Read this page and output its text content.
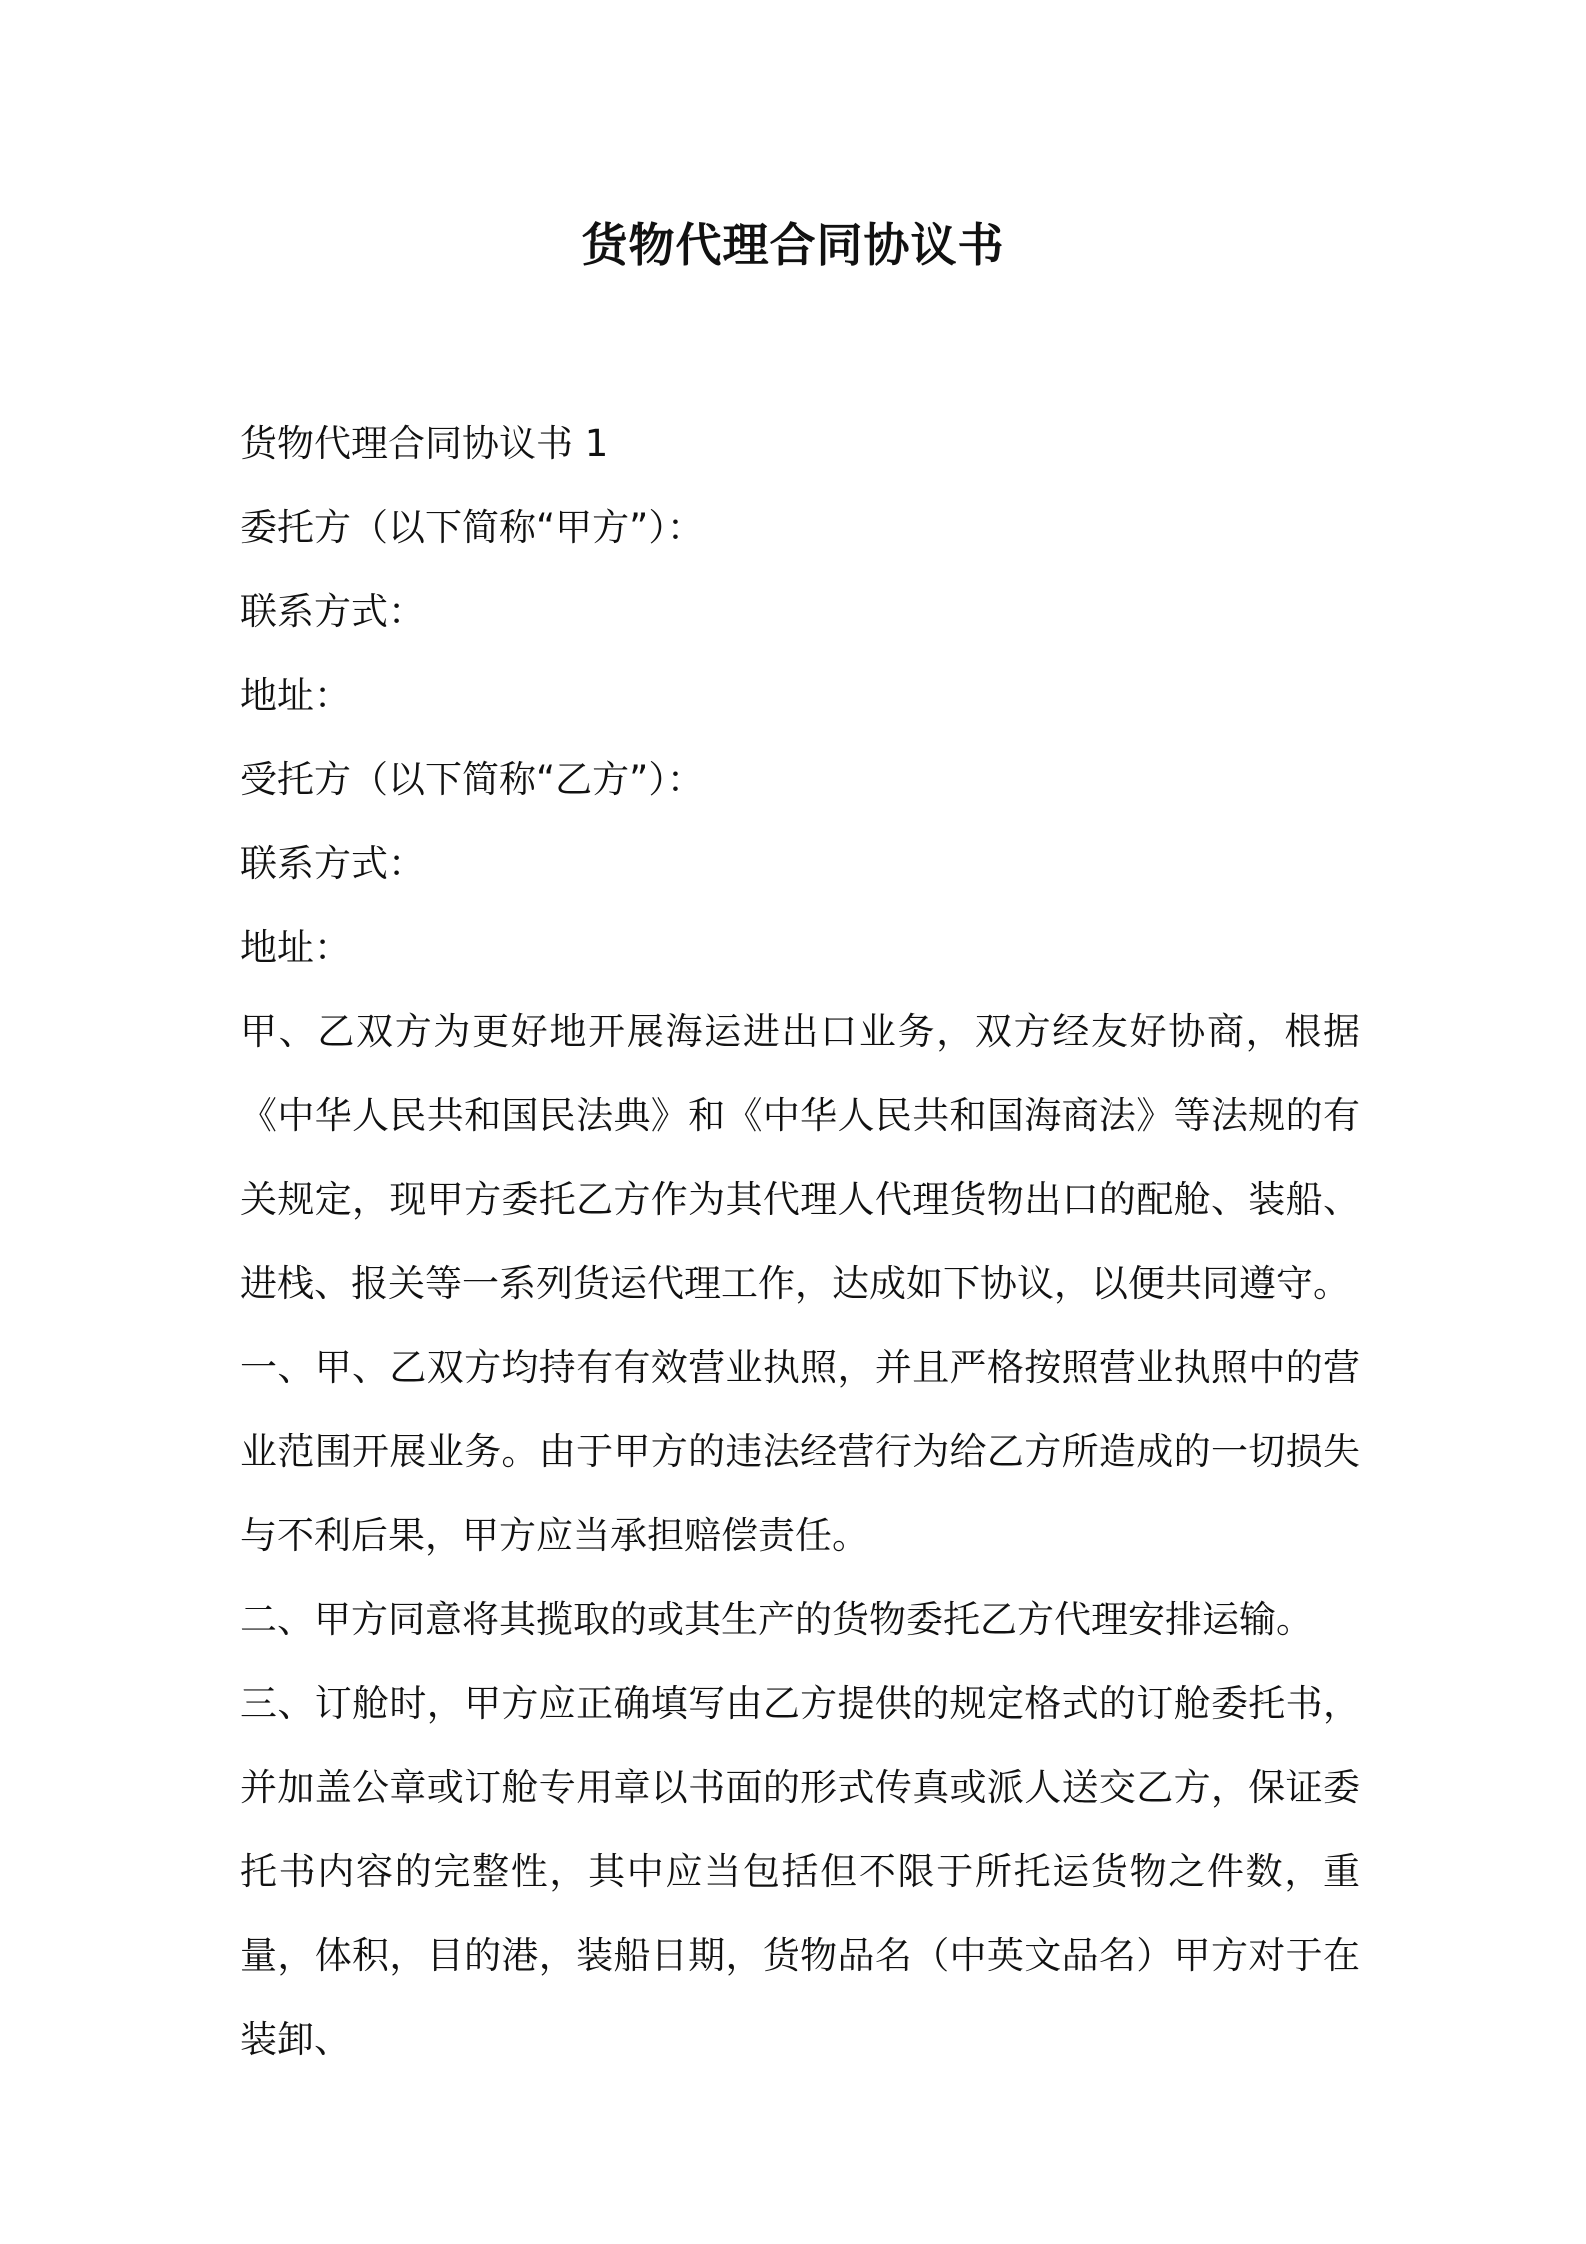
货物代理合同协议书

货物代理合同协议书 1

委托方（以下简称“甲方”）：

联系方式：

地址：

受托方（以下简称“乙方”）：

联系方式：

地址：

甲、乙双方为更好地开展海运进出口业务，双方经友好协商，根据《中华人民共和国民法典》和《中华人民共和国海商法》等法规的有关规定，现甲方委托乙方作为其代理人代理货物出口的配舱、装船、进栈、报关等一系列货运代理工作，达成如下协议，以便共同遵守。

一、甲、乙双方均持有有效营业执照，并且严格按照营业执照中的营业范围开展业务。由于甲方的违法经营行为给乙方所造成的一切损失与不利后果，甲方应当承担赔偿责任。

二、甲方同意将其揽取的或其生产的货物委托乙方代理安排运输。

三、订舱时，甲方应正确填写由乙方提供的规定格式的订舱委托书，并加盖公章或订舱专用章以书面的形式传真或派人送交乙方，保证委托书内容的完整性，其中应当包括但不限于所托运货物之件数，重量，体积，目的港，装船日期，货物品名（中英文品名）甲方对于在装卸、
